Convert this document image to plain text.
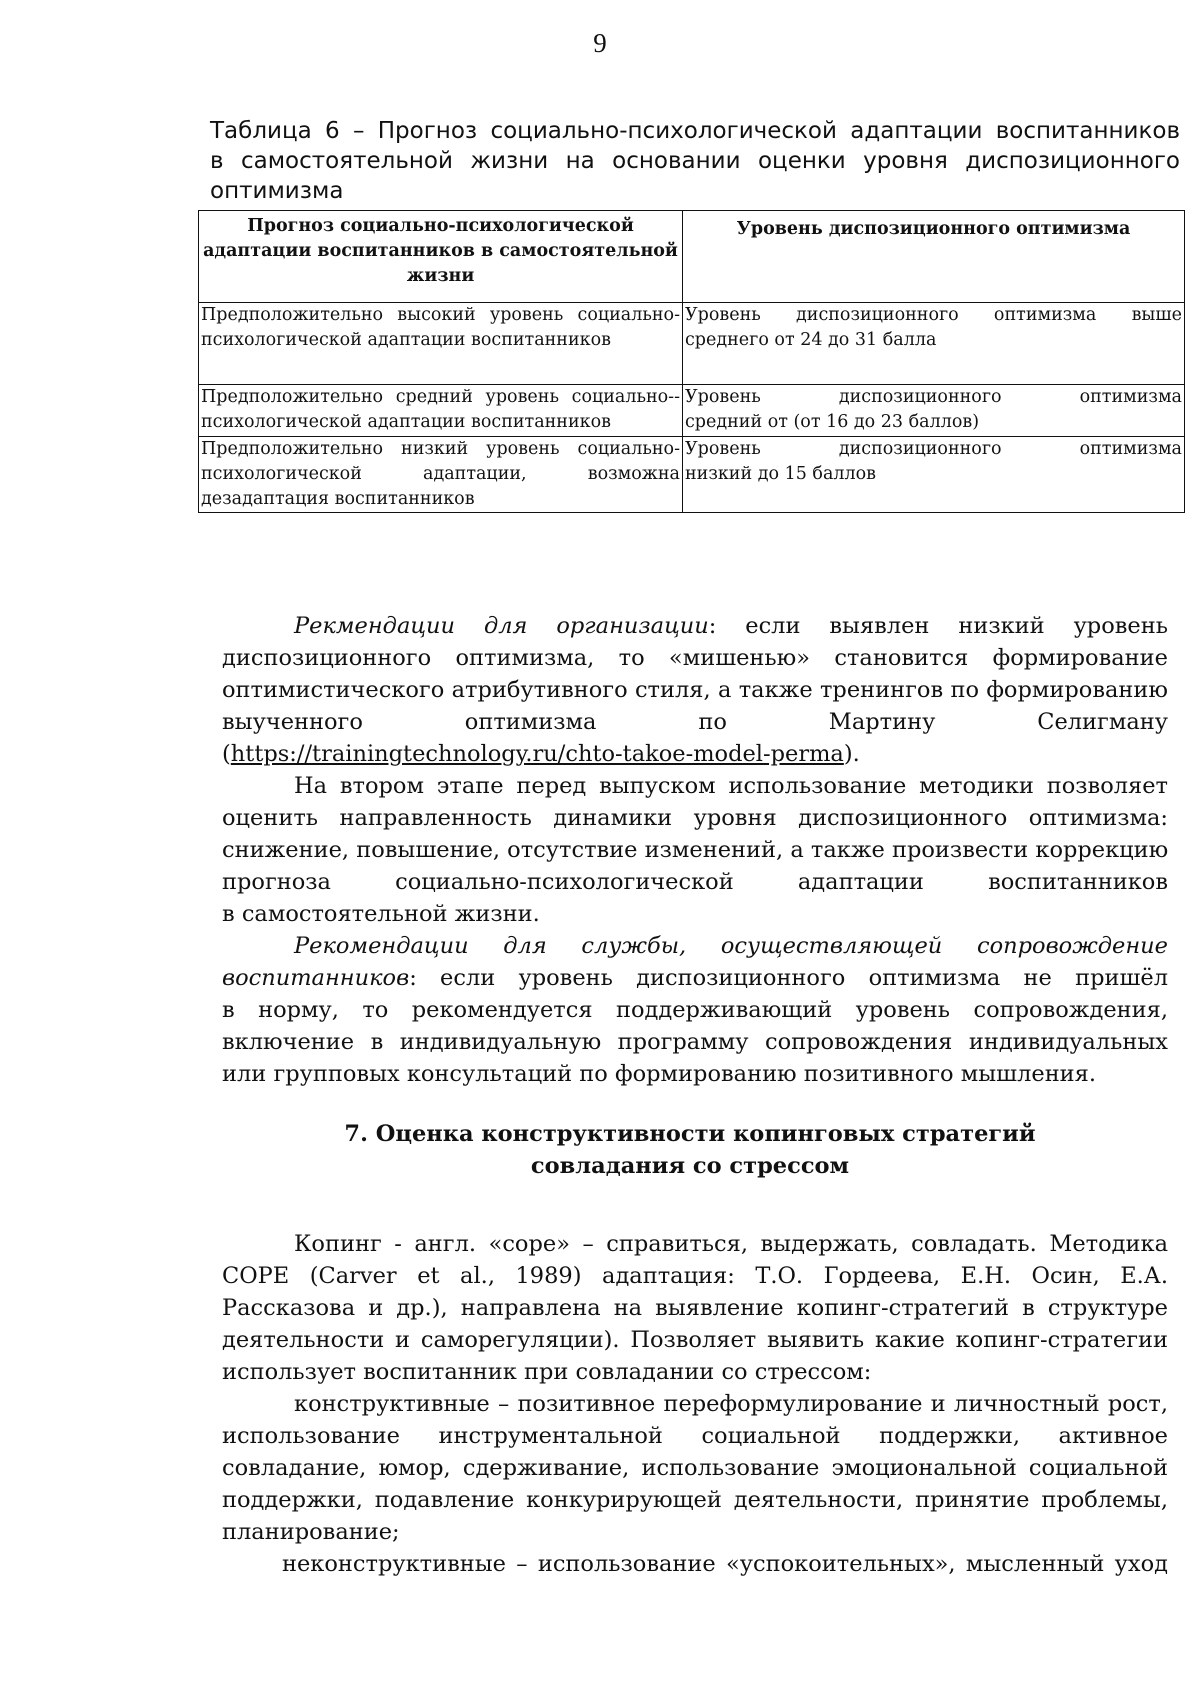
9
Таблица 6 – Прогноз социально-психологической адаптации воспитанников
в самостоятельной жизни на основании оценки уровня диспозиционного
оптимизма
Прогноз социально-психологической
адаптации воспитанников в самостоятельной
жизни	Уровень диспозиционного оптимизма

Предположительно высокий уровень социально-
психологической адаптации воспитанников	Уровень диспозиционного оптимизма выше
среднего от 24 до 31 балла

Предположительно средний уровень социально--
психологической адаптации воспитанников	Уровень диспозиционного оптимизма
средний от (от 16 до 23 баллов)

Предположительно низкий уровень социально-
психологической адаптации, возможна
дезадаптация воспитанников	Уровень диспозиционного оптимизма
низкий до 15 баллов
Рекмендации для организации: если выявлен низкий уровень
диспозиционного оптимизма, то «мишенью» становится формирование
оптимистического атрибутивного стиля, а также тренингов по формированию
выученного оптимизма по Мартину Селигману
(https://trainingtechnology.ru/chto-takoe-model-perma).
На втором этапе перед выпуском использование методики позволяет
оценить направленность динамики уровня диспозиционного оптимизма:
снижение, повышение, отсутствие изменений, а также произвести коррекцию
прогноза социально-психологической адаптации воспитанников
в самостоятельной жизни.
Рекомендации для службы, осуществляющей сопровождение
воспитанников: если уровень диспозиционного оптимизма не пришёл
в норму, то рекомендуется поддерживающий уровень сопровождения,
включение в индивидуальную программу сопровождения индивидуальных
или групповых консультаций по формированию позитивного мышления.
7. Оценка конструктивности копинговых стратегий
совладания со стрессом
Копинг - англ. «cope» – справиться, выдержать, совладать. Методика
COPE (Carver et al., 1989) адаптация: Т.О. Гордеева, Е.Н. Осин, Е.А.
Рассказова и др.), направлена на выявление копинг-стратегий в структуре
деятельности и саморегуляции). Позволяет выявить какие копинг-стратегии
использует воспитанник при совладании со стрессом:
конструктивные – позитивное переформулирование и личностный рост,
использование инструментальной социальной поддержки, активное
совладание, юмор, сдерживание, использование эмоциональной социальной
поддержки, подавление конкурирующей деятельности, принятие проблемы,
планирование;
неконструктивные – использование «успокоительных», мысленный уход
